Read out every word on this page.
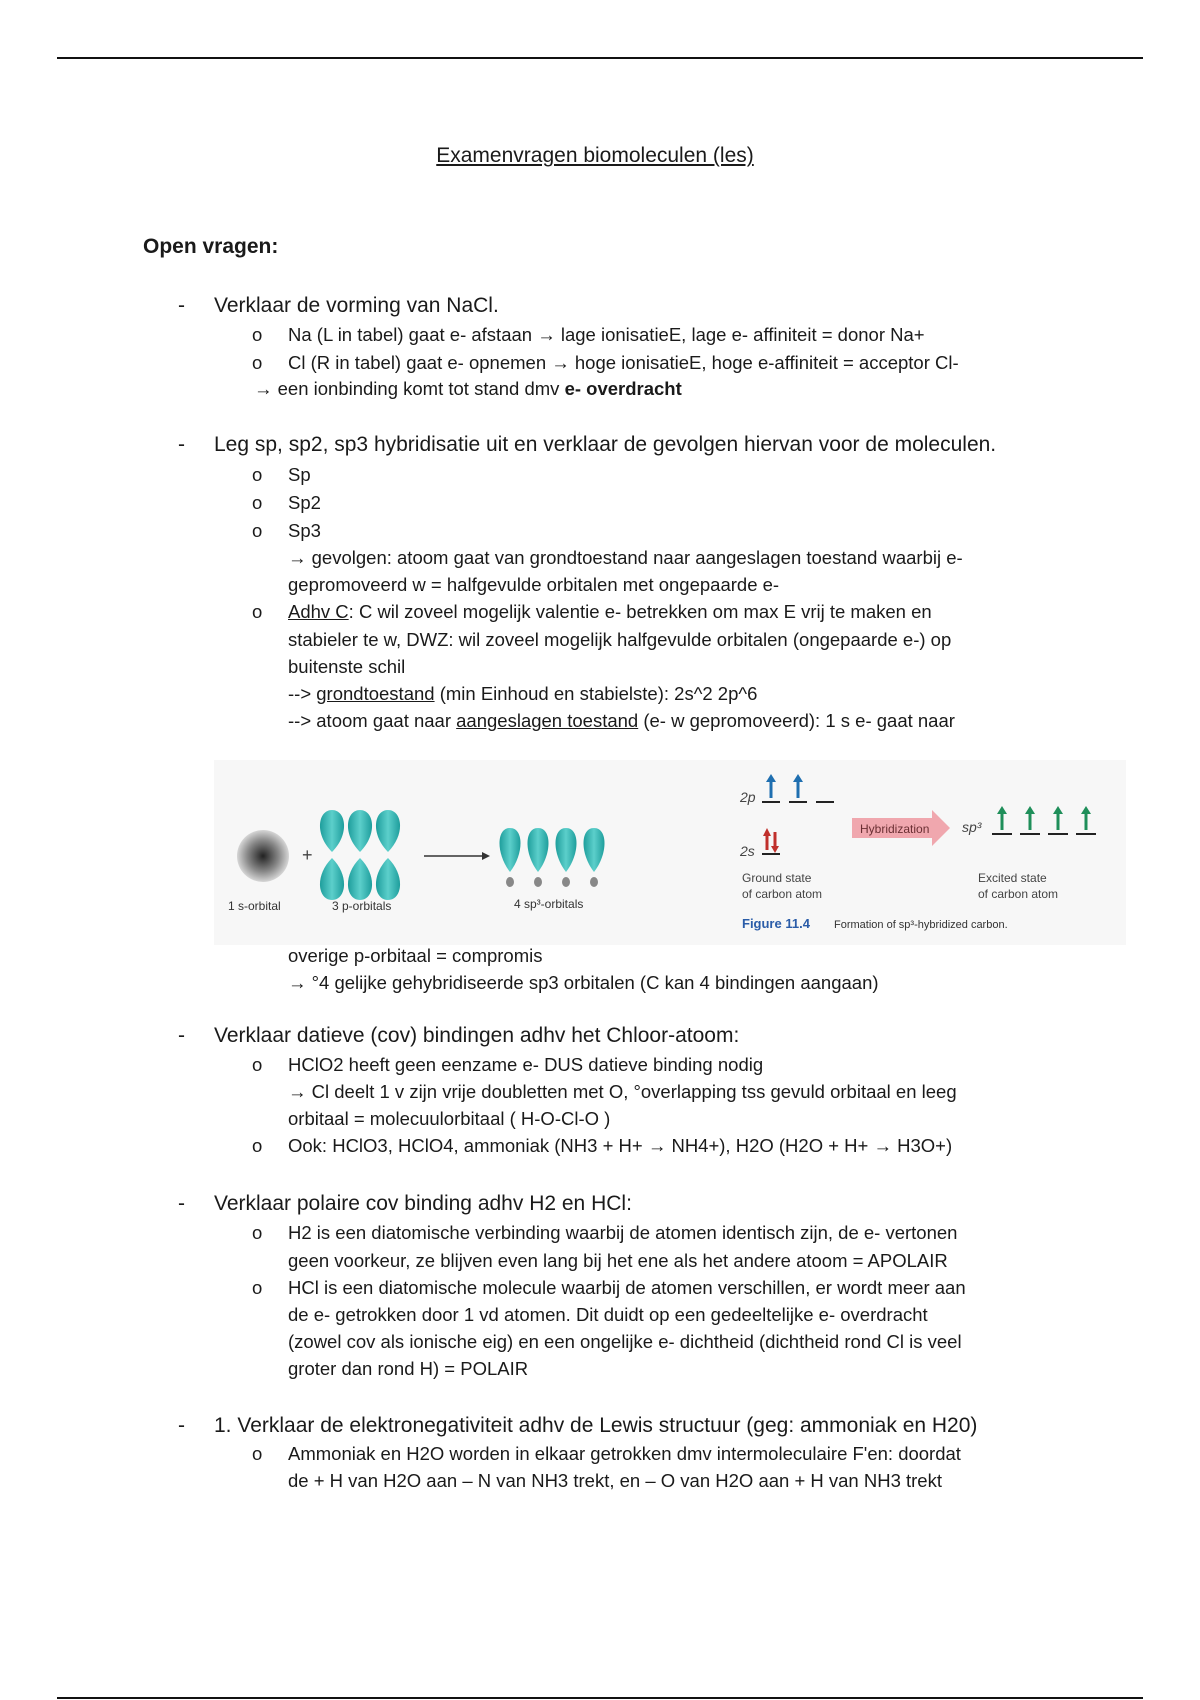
Examenvragen biomoleculen (les)
Open vragen:
- Verklaar de vorming van NaCl.
o Na (L in tabel) gaat e- afstaan → lage ionisatieE, lage e- affiniteit = donor Na+
o Cl (R in tabel) gaat e- opnemen → hoge ionisatieE, hoge e-affiniteit = acceptor Cl-
→ een ionbinding komt tot stand dmv e- overdracht
- Leg sp, sp2, sp3 hybridisatie uit en verklaar de gevolgen hiervan voor de moleculen.
o Sp
o Sp2
o Sp3
→ gevolgen: atoom gaat van grondtoestand naar aangeslagen toestand waarbij e-
gepromoveerd w = halfgevulde orbitalen met ongepaarde e-
o Adhv C: C wil zoveel mogelijk valentie e- betrekken om max E vrij te maken en
stabieler te w, DWZ: wil zoveel mogelijk halfgevulde orbitalen (ongepaarde e-) op
buitenste schil
--> grondtoestand (min Einhoud en stabielste): 2s^2 2p^6
--> atoom gaat naar aangeslagen toestand (e- w gepromoveerd): 1 s e- gaat naar
+
1 s-orbital	3 p-orbitals	4 sp³-orbitals
2p
2s
Hybridization sp³
Ground state
of carbon atom
Excited state
of carbon atom
Figure 11.4 Formation of sp³-hybridized carbon.
overige p-orbitaal = compromis
→ °4 gelijke gehybridiseerde sp3 orbitalen (C kan 4 bindingen aangaan)
- Verklaar datieve (cov) bindingen adhv het Chloor-atoom:
o HClO2 heeft geen eenzame e- DUS datieve binding nodig
→ Cl deelt 1 v zijn vrije doubletten met O, °overlapping tss gevuld orbitaal en leeg
orbitaal = molecuulorbitaal ( H-O-Cl-O )
o Ook: HClO3, HClO4, ammoniak (NH3 + H+ → NH4+), H2O (H2O + H+ → H3O+)
- Verklaar polaire cov binding adhv H2 en HCl:
o H2 is een diatomische verbinding waarbij de atomen identisch zijn, de e- vertonen
geen voorkeur, ze blijven even lang bij het ene als het andere atoom = APOLAIR
o HCl is een diatomische molecule waarbij de atomen verschillen, er wordt meer aan
de e- getrokken door 1 vd atomen. Dit duidt op een gedeeltelijke e- overdracht
(zowel cov als ionische eig) en een ongelijke e- dichtheid (dichtheid rond Cl is veel
groter dan rond H) = POLAIR
- 1. Verklaar de elektronegativiteit adhv de Lewis structuur (geg: ammoniak en H20)
o Ammoniak en H2O worden in elkaar getrokken dmv intermoleculaire F'en: doordat
de + H van H2O aan – N van NH3 trekt, en – O van H2O aan + H van NH3 trekt
